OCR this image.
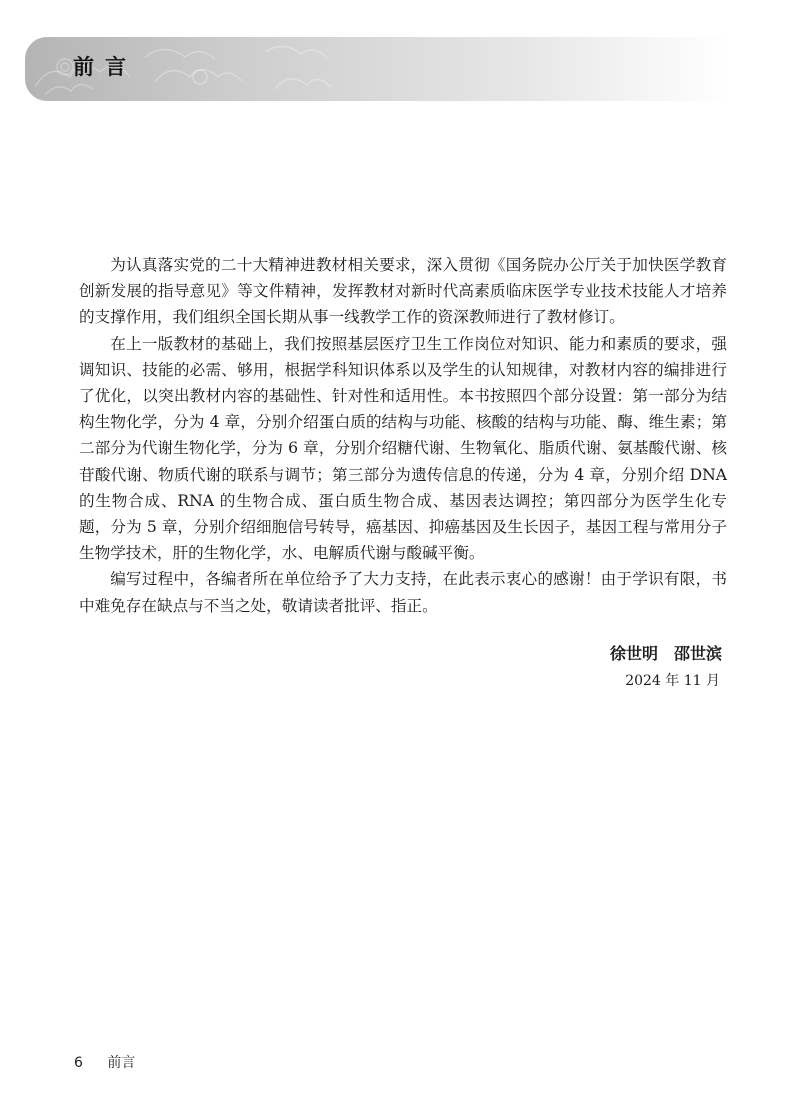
前言

为认真落实党的二十大精神进教材相关要求，深入贯彻《国务院办公厅关于加快医学教育创新发展的指导意见》等文件精神，发挥教材对新时代高素质临床医学专业技术技能人才培养的支撑作用，我们组织全国长期从事一线教学工作的资深教师进行了教材修订。

在上一版教材的基础上，我们按照基层医疗卫生工作岗位对知识、能力和素质的要求，强调知识、技能的必需、够用，根据学科知识体系以及学生的认知规律，对教材内容的编排进行了优化，以突出教材内容的基础性、针对性和适用性。本书按照四个部分设置：第一部分为结构生物化学，分为 4 章，分别介绍蛋白质的结构与功能、核酸的结构与功能、酶、维生素；第二部分为代谢生物化学，分为 6 章，分别介绍糖代谢、生物氧化、脂质代谢、氨基酸代谢、核苷酸代谢、物质代谢的联系与调节；第三部分为遗传信息的传递，分为 4 章，分别介绍 DNA 的生物合成、RNA 的生物合成、蛋白质生物合成、基因表达调控；第四部分为医学生化专题，分为 5 章，分别介绍细胞信号转导，癌基因、抑癌基因及生长因子，基因工程与常用分子生物学技术，肝的生物化学，水、电解质代谢与酸碱平衡。

编写过程中，各编者所在单位给予了大力支持，在此表示衷心的感谢！由于学识有限，书中难免存在缺点与不当之处，敬请读者批评、指正。

徐世明　邵世滨
2024 年 11 月
6 前言
